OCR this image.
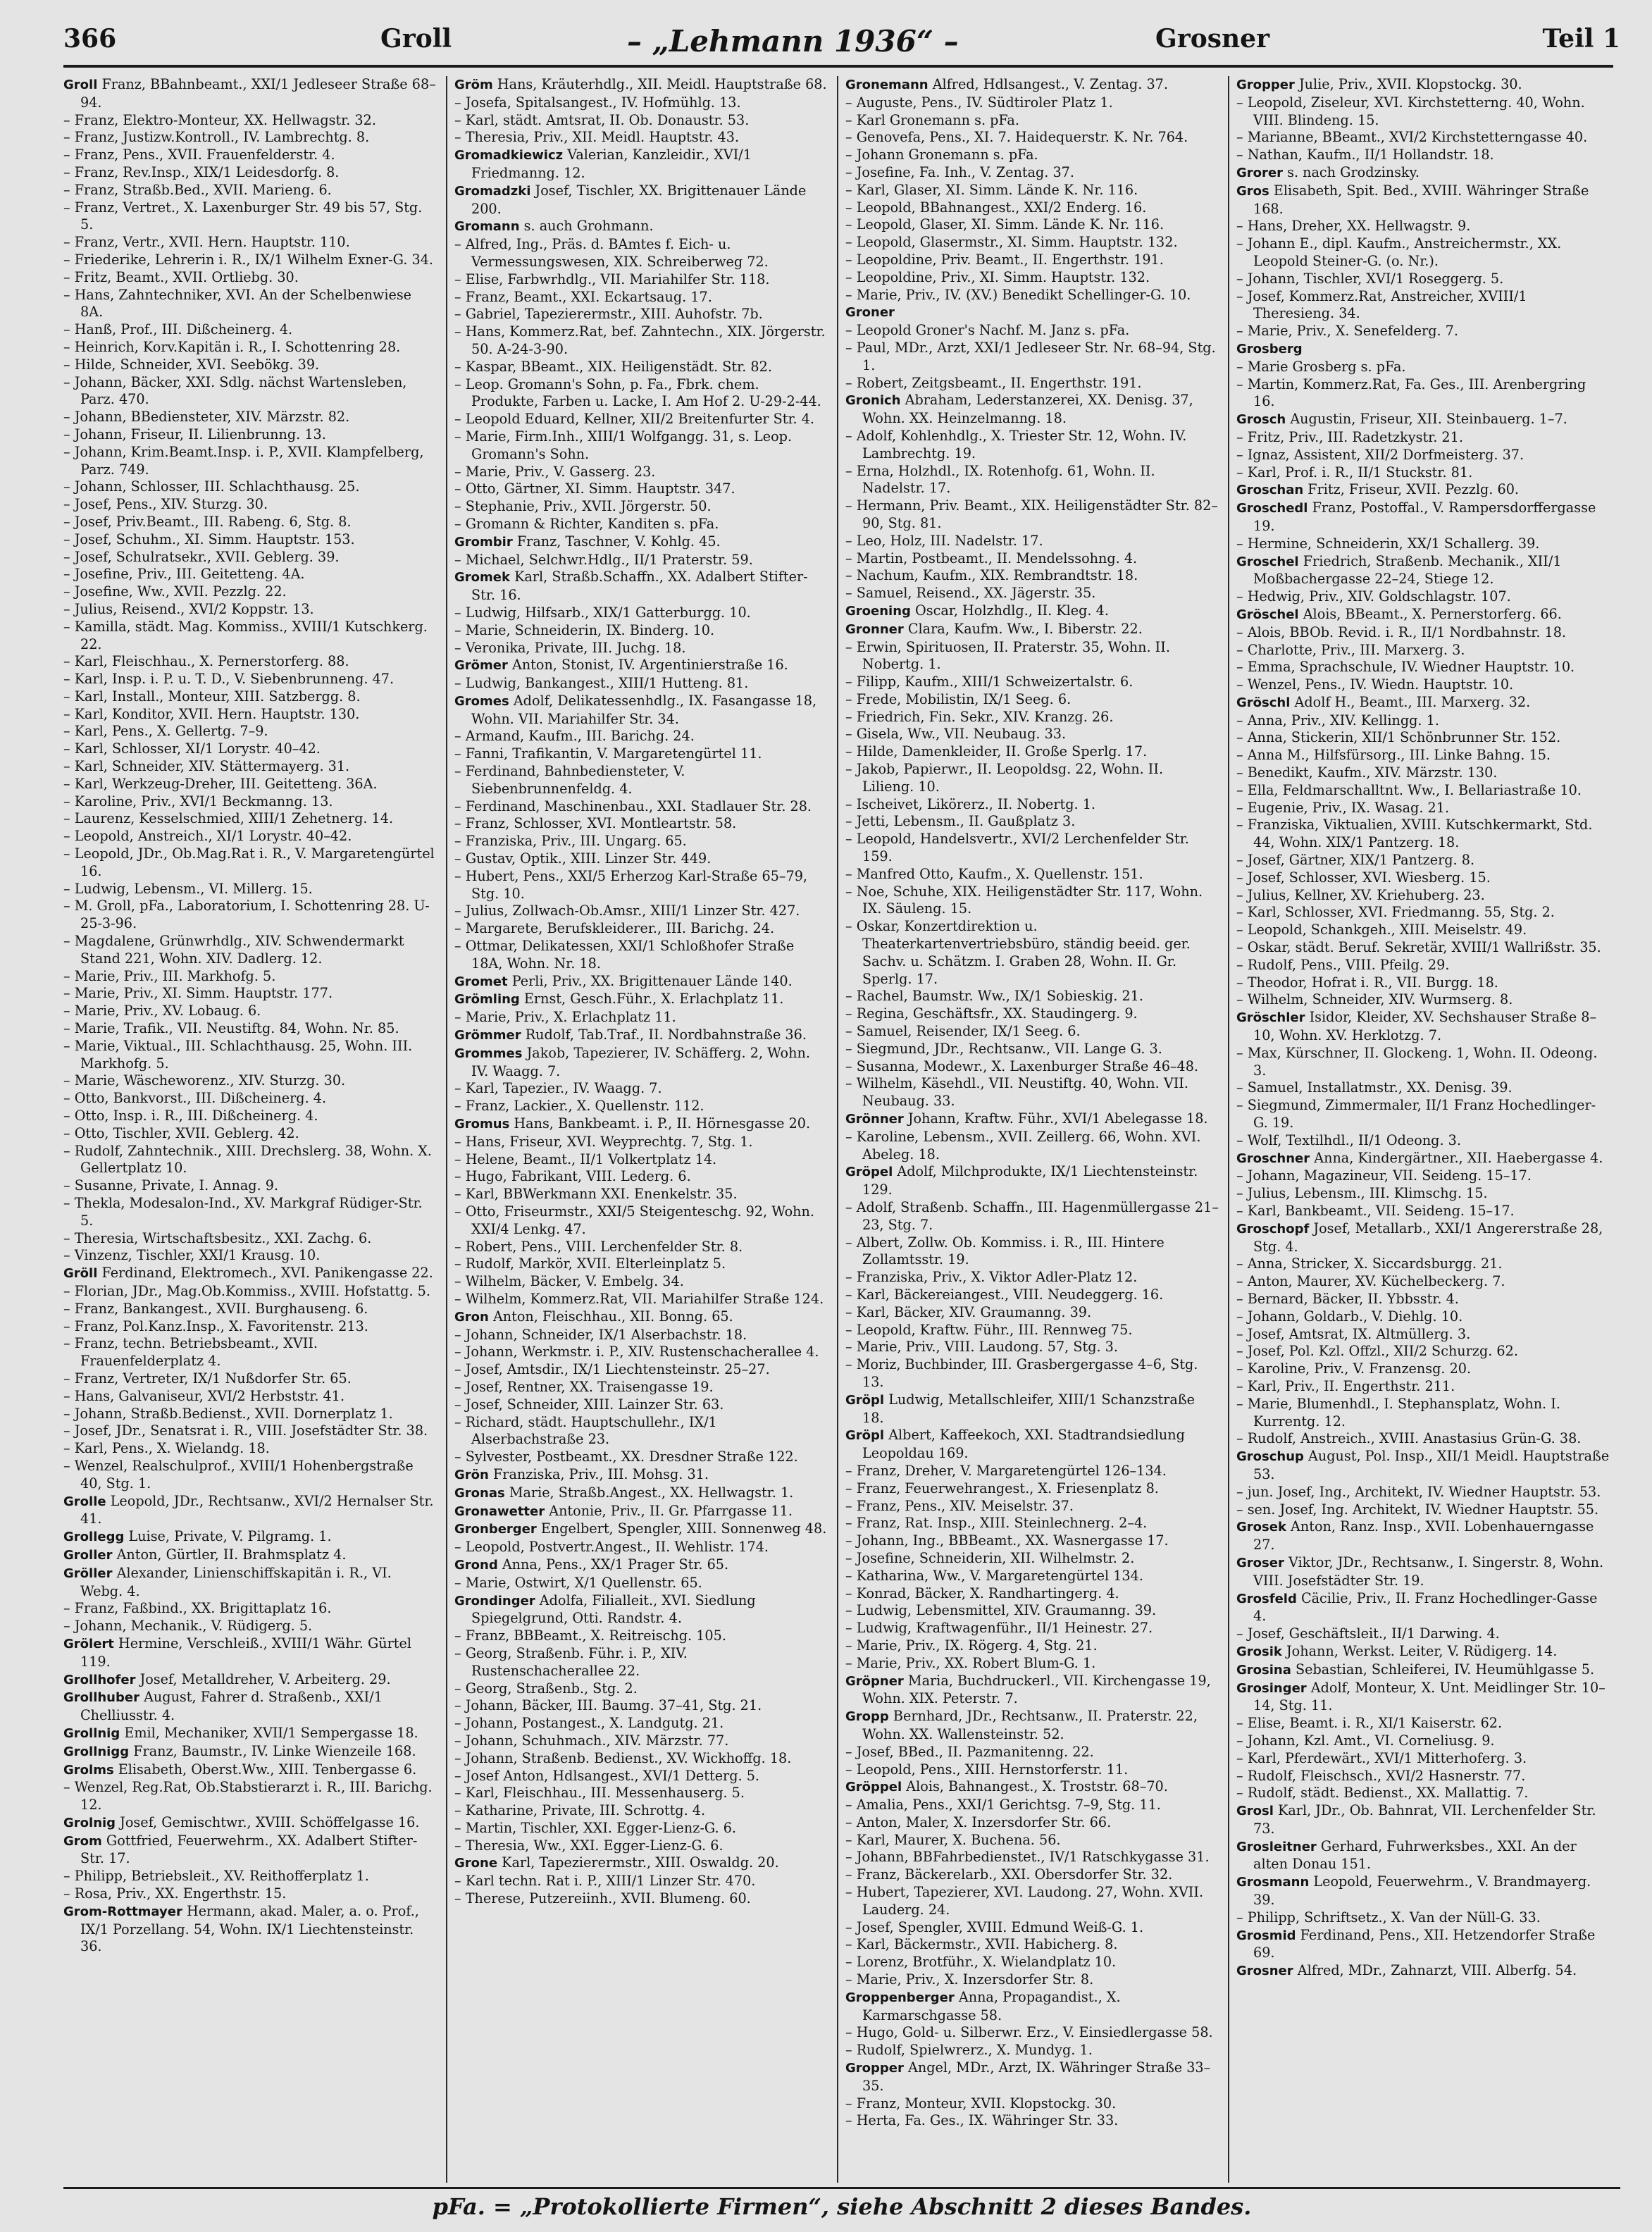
366	Groll	– „Lehmann 1936“ –	Grosner	Teil 1

Groll Franz, BBahnbeamt., XXI/1 Jedleseer Straße 68–94.

– Franz, Elektro-Monteur, XX. Hellwagstr. 32.

– Franz, Justizw.Kontroll., IV. Lambrechtg. 8.

– Franz, Pens., XVII. Frauenfelderstr. 4.

– Franz, Rev.Insp., XIX/1 Leidesdorfg. 8.

– Franz, Straßb.Bed., XVII. Marieng. 6.

– Franz, Vertret., X. Laxenburger Str. 49 bis 57, Stg. 5.

– Franz, Vertr., XVII. Hern. Hauptstr. 110.

– Friederike, Lehrerin i. R., IX/1 Wilhelm Exner-G. 34.

– Fritz, Beamt., XVII. Ortliebg. 30.

– Hans, Zahntechniker, XVI. An der Schelbenwiese 8A.

– Hanß, Prof., III. Dißcheinerg. 4.

– Heinrich, Korv.Kapitän i. R., I. Schottenring 28.

– Hilde, Schneider, XVI. Seebökg. 39.

– Johann, Bäcker, XXI. Sdlg. nächst Wartensleben, Parz. 470.

– Johann, BBediensteter, XIV. Märzstr. 82.

– Johann, Friseur, II. Lilienbrunng. 13.

– Johann, Krim.Beamt.Insp. i. P., XVII. Klampfelberg, Parz. 749.

– Johann, Schlosser, III. Schlachthausg. 25.

– Josef, Pens., XIV. Sturzg. 30.

– Josef, Priv.Beamt., III. Rabeng. 6, Stg. 8.

– Josef, Schuhm., XI. Simm. Hauptstr. 153.

– Josef, Schulratsekr., XVII. Geblerg. 39.

– Josefine, Priv., III. Geitetteng. 4A.

– Josefine, Ww., XVII. Pezzlg. 22.

– Julius, Reisend., XVI/2 Koppstr. 13.

– Kamilla, städt. Mag. Kommiss., XVIII/1 Kutschkerg. 22.

– Karl, Fleischhau., X. Pernerstorferg. 88.

– Karl, Insp. i. P. u. T. D., V. Siebenbrunneng. 47.

– Karl, Install., Monteur, XIII. Satzbergg. 8.

– Karl, Konditor, XVII. Hern. Hauptstr. 130.

– Karl, Pens., X. Gellertg. 7–9.

– Karl, Schlosser, XI/1 Lorystr. 40–42.

– Karl, Schneider, XIV. Stättermayerg. 31.

– Karl, Werkzeug-Dreher, III. Geitetteng. 36A.

– Karoline, Priv., XVI/1 Beckmanng. 13.

– Laurenz, Kesselschmied, XIII/1 Zehetnerg. 14.

– Leopold, Anstreich., XI/1 Lorystr. 40–42.

– Leopold, JDr., Ob.Mag.Rat i. R., V. Margaretengürtel 16.

– Ludwig, Lebensm., VI. Millerg. 15.

– M. Groll, pFa., Laboratorium, I. Schottenring 28. U-25-3-96.

– Magdalene, Grünwrhdlg., XIV. Schwendermarkt Stand 221, Wohn. XIV. Dadlerg. 12.

– Marie, Priv., III. Markhofg. 5.

– Marie, Priv., XI. Simm. Hauptstr. 177.

– Marie, Priv., XV. Lobaug. 6.

– Marie, Trafik., VII. Neustiftg. 84, Wohn. Nr. 85.

– Marie, Viktual., III. Schlachthausg. 25, Wohn. III. Markhofg. 5.

– Marie, Wäscheworenz., XIV. Sturzg. 30.

– Otto, Bankvorst., III. Dißcheinerg. 4.

– Otto, Insp. i. R., III. Dißcheinerg. 4.

– Otto, Tischler, XVII. Geblerg. 42.

– Rudolf, Zahntechnik., XIII. Drechslerg. 38, Wohn. X. Gellertplatz 10.

– Susanne, Private, I. Annag. 9.

– Thekla, Modesalon-Ind., XV. Markgraf Rüdiger-Str. 5.

– Theresia, Wirtschaftsbesitz., XXI. Zachg. 6.

– Vinzenz, Tischler, XXI/1 Krausg. 10.

Gröll Ferdinand, Elektromech., XVI. Panikengasse 22.

– Florian, JDr., Mag.Ob.Kommiss., XVIII. Hofstattg. 5.

– Franz, Bankangest., XVII. Burghauseng. 6.

– Franz, Pol.Kanz.Insp., X. Favoritenstr. 213.

– Franz, techn. Betriebsbeamt., XVII. Frauenfelderplatz 4.

– Franz, Vertreter, IX/1 Nußdorfer Str. 65.

– Hans, Galvaniseur, XVI/2 Herbststr. 41.

– Johann, Straßb.Bedienst., XVII. Dornerplatz 1.

– Josef, JDr., Senatsrat i. R., VIII. Josefstädter Str. 38.

– Karl, Pens., X. Wielandg. 18.

– Wenzel, Realschulprof., XVIII/1 Hohenbergstraße 40, Stg. 1.

Grolle Leopold, JDr., Rechtsanw., XVI/2 Hernalser Str. 41.

Grollegg Luise, Private, V. Pilgramg. 1.

Groller Anton, Gürtler, II. Brahmsplatz 4.

Gröller Alexander, Linienschiffskapitän i. R., VI. Webg. 4.

– Franz, Faßbind., XX. Brigittaplatz 16.

– Johann, Mechanik., V. Rüdigerg. 5.

Grölert Hermine, Verschleiß., XVIII/1 Währ. Gürtel 119.

Grollhofer Josef, Metalldreher, V. Arbeiterg. 29.

Grollhuber August, Fahrer d. Straßenb., XXI/1 Chelliusstr. 4.

Grollnig Emil, Mechaniker, XVII/1 Sempergasse 18.

Grollnigg Franz, Baumstr., IV. Linke Wienzeile 168.

Grolms Elisabeth, Oberst.Ww., XIII. Tenbergasse 6.

– Wenzel, Reg.Rat, Ob.Stabstierarzt i. R., III. Barichg. 12.

Grolnig Josef, Gemischtwr., XVIII. Schöffelgasse 16.

Grom Gottfried, Feuerwehrm., XX. Adalbert Stifter-Str. 17.

– Philipp, Betriebsleit., XV. Reithofferplatz 1.

– Rosa, Priv., XX. Engerthstr. 15.

Grom-Rottmayer Hermann, akad. Maler, a. o. Prof., IX/1 Porzellang. 54, Wohn. IX/1 Liechtensteinstr. 36.

Gröm Hans, Kräuterhdlg., XII. Meidl. Hauptstraße 68.

– Josefa, Spitalsangest., IV. Hofmühlg. 13.

– Karl, städt. Amtsrat, II. Ob. Donaustr. 53.

– Theresia, Priv., XII. Meidl. Hauptstr. 43.

Gromadkiewicz Valerian, Kanzleidir., XVI/1 Friedmanng. 12.

Gromadzki Josef, Tischler, XX. Brigittenauer Lände 200.

Gromann s. auch Grohmann.

– Alfred, Ing., Präs. d. BAmtes f. Eich- u. Vermessungswesen, XIX. Schreiberweg 72.

– Elise, Farbwrhdlg., VII. Mariahilfer Str. 118.

– Franz, Beamt., XXI. Eckartsaug. 17.

– Gabriel, Tapezierermstr., XIII. Auhofstr. 7b.

– Hans, Kommerz.Rat, bef. Zahntechn., XIX. Jörgerstr. 50. A-24-3-90.

– Kaspar, BBeamt., XIX. Heiligenstädt. Str. 82.

– Leop. Gromann's Sohn, p. Fa., Fbrk. chem. Produkte, Farben u. Lacke, I. Am Hof 2. U-29-2-44.

– Leopold Eduard, Kellner, XII/2 Breitenfurter Str. 4.

– Marie, Firm.Inh., XIII/1 Wolfgangg. 31, s. Leop. Gromann's Sohn.

– Marie, Priv., V. Gasserg. 23.

– Otto, Gärtner, XI. Simm. Hauptstr. 347.

– Stephanie, Priv., XVII. Jörgerstr. 50.

– Gromann & Richter, Kanditen s. pFa.

Grombir Franz, Taschner, V. Kohlg. 45.

– Michael, Selchwr.Hdlg., II/1 Praterstr. 59.

Gromek Karl, Straßb.Schaffn., XX. Adalbert Stifter-Str. 16.

– Ludwig, Hilfsarb., XIX/1 Gatterburgg. 10.

– Marie, Schneiderin, IX. Binderg. 10.

– Veronika, Private, III. Juchg. 18.

Grömer Anton, Stonist, IV. Argentinierstraße 16.

– Ludwig, Bankangest., XIII/1 Hutteng. 81.

Gromes Adolf, Delikatessenhdlg., IX. Fasangasse 18, Wohn. VII. Mariahilfer Str. 34.

– Armand, Kaufm., III. Barichg. 24.

– Fanni, Trafikantin, V. Margaretengürtel 11.

– Ferdinand, Bahnbediensteter, V. Siebenbrunnenfeldg. 4.

– Ferdinand, Maschinenbau., XXI. Stadlauer Str. 28.

– Franz, Schlosser, XVI. Montleartstr. 58.

– Franziska, Priv., III. Ungarg. 65.

– Gustav, Optik., XIII. Linzer Str. 449.

– Hubert, Pens., XXI/5 Erherzog Karl-Straße 65–79, Stg. 10.

– Julius, Zollwach-Ob.Amsr., XIII/1 Linzer Str. 427.

– Margarete, Berufskleiderer., III. Barichg. 24.

– Ottmar, Delikatessen, XXI/1 Schloßhofer Straße 18A, Wohn. Nr. 18.

Gromet Perli, Priv., XX. Brigittenauer Lände 140.

Grömling Ernst, Gesch.Führ., X. Erlachplatz 11.

– Marie, Priv., X. Erlachplatz 11.

Grömmer Rudolf, Tab.Traf., II. Nordbahnstraße 36.

Grommes Jakob, Tapezierer, IV. Schäfferg. 2, Wohn. IV. Waagg. 7.

– Karl, Tapezier., IV. Waagg. 7.

– Franz, Lackier., X. Quellenstr. 112.

Gromus Hans, Bankbeamt. i. P., II. Hörnesgasse 20.

– Hans, Friseur, XVI. Weyprechtg. 7, Stg. 1.

– Helene, Beamt., II/1 Volkertplatz 14.

– Hugo, Fabrikant, VIII. Lederg. 6.

– Karl, BBWerkmann XXI. Enenkelstr. 35.

– Otto, Friseurmstr., XXI/5 Steigenteschg. 92, Wohn. XXI/4 Lenkg. 47.

– Robert, Pens., VIII. Lerchenfelder Str. 8.

– Rudolf, Markör, XVII. Elterleinplatz 5.

– Wilhelm, Bäcker, V. Embelg. 34.

– Wilhelm, Kommerz.Rat, VII. Mariahilfer Straße 124.

Gron Anton, Fleischhau., XII. Bonng. 65.

– Johann, Schneider, IX/1 Alserbachstr. 18.

– Johann, Werkmstr. i. P., XIV. Rustenschacherallee 4.

– Josef, Amtsdir., IX/1 Liechtensteinstr. 25–27.

– Josef, Rentner, XX. Traisengasse 19.

– Josef, Schneider, XIII. Lainzer Str. 63.

– Richard, städt. Hauptschullehr., IX/1 Alserbachstraße 23.

– Sylvester, Postbeamt., XX. Dresdner Straße 122.

Grön Franziska, Priv., III. Mohsg. 31.

Gronas Marie, Straßb.Angest., XX. Hellwagstr. 1.

Gronawetter Antonie, Priv., II. Gr. Pfarrgasse 11.

Gronberger Engelbert, Spengler, XIII. Sonnenweg 48.

– Leopold, Postvertr.Angest., II. Wehlistr. 174.

Grond Anna, Pens., XX/1 Prager Str. 65.

– Marie, Ostwirt, X/1 Quellenstr. 65.

Grondinger Adolfa, Filialleit., XVI. Siedlung Spiegelgrund, Otti. Randstr. 4.

– Franz, BBBeamt., X. Reitreischg. 105.

– Georg, Straßenb. Führ. i. P., XIV. Rustenschacherallee 22.

– Georg, Straßenb., Stg. 2.

– Johann, Bäcker, III. Baumg. 37–41, Stg. 21.

– Johann, Postangest., X. Landgutg. 21.

– Johann, Schuhmach., XIV. Märzstr. 77.

– Johann, Straßenb. Bedienst., XV. Wickhoffg. 18.

– Josef Anton, Hdlsangest., XVI/1 Detterg. 5.

– Karl, Fleischhau., III. Messenhauserg. 5.

– Katharine, Private, III. Schrottg. 4.

– Martin, Tischler, XXI. Egger-Lienz-G. 6.

– Theresia, Ww., XXI. Egger-Lienz-G. 6.

Grone Karl, Tapezierermstr., XIII. Oswaldg. 20.

– Karl techn. Rat i. P., XIII/1 Linzer Str. 470.

– Therese, Putzereiinh., XVII. Blumeng. 60.

Gronemann Alfred, Hdlsangest., V. Zentag. 37.

– Auguste, Pens., IV. Südtiroler Platz 1.

– Karl Gronemann s. pFa.

– Genovefa, Pens., XI. 7. Haidequerstr. K. Nr. 764.

– Johann Gronemann s. pFa.

– Josefine, Fa. Inh., V. Zentag. 37.

– Karl, Glaser, XI. Simm. Lände K. Nr. 116.

– Leopold, BBahnangest., XXI/2 Enderg. 16.

– Leopold, Glaser, XI. Simm. Lände K. Nr. 116.

– Leopold, Glasermstr., XI. Simm. Hauptstr. 132.

– Leopoldine, Priv. Beamt., II. Engerthstr. 191.

– Leopoldine, Priv., XI. Simm. Hauptstr. 132.

– Marie, Priv., IV. (XV.) Benedikt Schellinger-G. 10.

Groner

– Leopold Groner's Nachf. M. Janz s. pFa.

– Paul, MDr., Arzt, XXI/1 Jedleseer Str. Nr. 68–94, Stg. 1.

– Robert, Zeitgsbeamt., II. Engerthstr. 191.

Gronich Abraham, Lederstanzerei, XX. Denisg. 37, Wohn. XX. Heinzelmanng. 18.

– Adolf, Kohlenhdlg., X. Triester Str. 12, Wohn. IV. Lambrechtg. 19.

– Erna, Holzhdl., IX. Rotenhofg. 61, Wohn. II. Nadelstr. 17.

– Hermann, Priv. Beamt., XIX. Heiligenstädter Str. 82–90, Stg. 81.

– Leo, Holz, III. Nadelstr. 17.

– Martin, Postbeamt., II. Mendelssohng. 4.

– Nachum, Kaufm., XIX. Rembrandtstr. 18.

– Samuel, Reisend., XX. Jägerstr. 35.

Groening Oscar, Holzhdlg., II. Kleg. 4.

Gronner Clara, Kaufm. Ww., I. Biberstr. 22.

– Erwin, Spirituosen, II. Praterstr. 35, Wohn. II. Nobertg. 1.

– Filipp, Kaufm., XIII/1 Schweizertalstr. 6.

– Frede, Mobilistin, IX/1 Seeg. 6.

– Friedrich, Fin. Sekr., XIV. Kranzg. 26.

– Gisela, Ww., VII. Neubaug. 33.

– Hilde, Damenkleider, II. Große Sperlg. 17.

– Jakob, Papierwr., II. Leopoldsg. 22, Wohn. II. Lilieng. 10.

– Ischeivet, Likörerz., II. Nobertg. 1.

– Jetti, Lebensm., II. Gaußplatz 3.

– Leopold, Handelsvertr., XVI/2 Lerchenfelder Str. 159.

– Manfred Otto, Kaufm., X. Quellenstr. 151.

– Noe, Schuhe, XIX. Heiligenstädter Str. 117, Wohn. IX. Säuleng. 15.

– Oskar, Konzertdirektion u. Theaterkartenvertriebsbüro, ständig beeid. ger. Sachv. u. Schätzm. I. Graben 28, Wohn. II. Gr. Sperlg. 17.

– Rachel, Baumstr. Ww., IX/1 Sobieskig. 21.

– Regina, Geschäftsfr., XX. Staudingerg. 9.

– Samuel, Reisender, IX/1 Seeg. 6.

– Siegmund, JDr., Rechtsanw., VII. Lange G. 3.

– Susanna, Modewr., X. Laxenburger Straße 46–48.

– Wilhelm, Käsehdl., VII. Neustiftg. 40, Wohn. VII. Neubaug. 33.

Grönner Johann, Kraftw. Führ., XVI/1 Abelegasse 18.

– Karoline, Lebensm., XVII. Zeillerg. 66, Wohn. XVI. Abeleg. 18.

Gröpel Adolf, Milchprodukte, IX/1 Liechtensteinstr. 129.

– Adolf, Straßenb. Schaffn., III. Hagenmüllergasse 21–23, Stg. 7.

– Albert, Zollw. Ob. Kommiss. i. R., III. Hintere Zollamtsstr. 19.

– Franziska, Priv., X. Viktor Adler-Platz 12.

– Karl, Bäckereiangest., VIII. Neudeggerg. 16.

– Karl, Bäcker, XIV. Graumanng. 39.

– Leopold, Kraftw. Führ., III. Rennweg 75.

– Marie, Priv., VIII. Laudong. 57, Stg. 3.

– Moriz, Buchbinder, III. Grasbergergasse 4–6, Stg. 13.

Gröpl Ludwig, Metallschleifer, XIII/1 Schanzstraße 18.

Gröpl Albert, Kaffeekoch, XXI. Stadtrandsiedlung Leopoldau 169.

– Franz, Dreher, V. Margaretengürtel 126–134.

– Franz, Feuerwehrangest., X. Friesenplatz 8.

– Franz, Pens., XIV. Meiselstr. 37.

– Franz, Rat. Insp., XIII. Steinlechnerg. 2–4.

– Johann, Ing., BBBeamt., XX. Wasnergasse 17.

– Josefine, Schneiderin, XII. Wilhelmstr. 2.

– Katharina, Ww., V. Margaretengürtel 134.

– Konrad, Bäcker, X. Randhartingerg. 4.

– Ludwig, Lebensmittel, XIV. Graumanng. 39.

– Ludwig, Kraftwagenführ., II/1 Heinestr. 27.

– Marie, Priv., IX. Rögerg. 4, Stg. 21.

– Marie, Priv., XX. Robert Blum-G. 1.

Gröpner Maria, Buchdruckerl., VII. Kirchengasse 19, Wohn. XIX. Peterstr. 7.

Gropp Bernhard, JDr., Rechtsanw., II. Praterstr. 22, Wohn. XX. Wallensteinstr. 52.

– Josef, BBed., II. Pazmanitenng. 22.

– Leopold, Pens., XIII. Hernstorferstr. 11.

Gröppel Alois, Bahnangest., X. Troststr. 68–70.

– Amalia, Pens., XXI/1 Gerichtsg. 7–9, Stg. 11.

– Anton, Maler, X. Inzersdorfer Str. 66.

– Karl, Maurer, X. Buchena. 56.

– Johann, BBFahrbedienstet., IV/1 Ratschkygasse 31.

– Franz, Bäckerelarb., XXI. Obersdorfer Str. 32.

– Hubert, Tapezierer, XVI. Laudong. 27, Wohn. XVII. Lauderg. 24.

– Josef, Spengler, XVIII. Edmund Weiß-G. 1.

– Karl, Bäckermstr., XVII. Habicherg. 8.

– Lorenz, Brotführ., X. Wielandplatz 10.

– Marie, Priv., X. Inzersdorfer Str. 8.

Groppenberger Anna, Propagandist., X. Karmarschgasse 58.

– Hugo, Gold- u. Silberwr. Erz., V. Einsiedlergasse 58.

– Rudolf, Spielwrerz., X. Mundyg. 1.

Gropper Angel, MDr., Arzt, IX. Währinger Straße 33–35.

– Franz, Monteur, XVII. Klopstockg. 30.

– Herta, Fa. Ges., IX. Währinger Str. 33.

Gropper Julie, Priv., XVII. Klopstockg. 30.

– Leopold, Ziseleur, XVI. Kirchstetterng. 40, Wohn. VIII. Blindeng. 15.

– Marianne, BBeamt., XVI/2 Kirchstetterngasse 40.

– Nathan, Kaufm., II/1 Hollandstr. 18.

Grorer s. nach Grodzinsky.

Gros Elisabeth, Spit. Bed., XVIII. Währinger Straße 168.

– Hans, Dreher, XX. Hellwagstr. 9.

– Johann E., dipl. Kaufm., Anstreichermstr., XX. Leopold Steiner-G. (o. Nr.).

– Johann, Tischler, XVI/1 Roseggerg. 5.

– Josef, Kommerz.Rat, Anstreicher, XVIII/1 Theresieng. 34.

– Marie, Priv., X. Senefelderg. 7.

Grosberg

– Marie Grosberg s. pFa.

– Martin, Kommerz.Rat, Fa. Ges., III. Arenbergring 16.

Grosch Augustin, Friseur, XII. Steinbauerg. 1–7.

– Fritz, Priv., III. Radetzkystr. 21.

– Ignaz, Assistent, XII/2 Dorfmeisterg. 37.

– Karl, Prof. i. R., II/1 Stuckstr. 81.

Groschan Fritz, Friseur, XVII. Pezzlg. 60.

Groschedl Franz, Postoffal., V. Rampersdorffergasse 19.

– Hermine, Schneiderin, XX/1 Schallerg. 39.

Groschel Friedrich, Straßenb. Mechanik., XII/1 Moßbachergasse 22–24, Stiege 12.

– Hedwig, Priv., XIV. Goldschlagstr. 107.

Gröschel Alois, BBeamt., X. Pernerstorferg. 66.

– Alois, BBOb. Revid. i. R., II/1 Nordbahnstr. 18.

– Charlotte, Priv., III. Marxerg. 3.

– Emma, Sprachschule, IV. Wiedner Hauptstr. 10.

– Wenzel, Pens., IV. Wiedn. Hauptstr. 10.

Gröschl Adolf H., Beamt., III. Marxerg. 32.

– Anna, Priv., XIV. Kellingg. 1.

– Anna, Stickerin, XII/1 Schönbrunner Str. 152.

– Anna M., Hilfsfürsorg., III. Linke Bahng. 15.

– Benedikt, Kaufm., XIV. Märzstr. 130.

– Ella, Feldmarschalltnt. Ww., I. Bellariastraße 10.

– Eugenie, Priv., IX. Wasag. 21.

– Franziska, Viktualien, XVIII. Kutschkermarkt, Std. 44, Wohn. XIX/1 Pantzerg. 18.

– Josef, Gärtner, XIX/1 Pantzerg. 8.

– Josef, Schlosser, XVI. Wiesberg. 15.

– Julius, Kellner, XV. Kriehuberg. 23.

– Karl, Schlosser, XVI. Friedmanng. 55, Stg. 2.

– Leopold, Schankgeh., XIII. Meiselstr. 49.

– Oskar, städt. Beruf. Sekretär, XVIII/1 Wallrißstr. 35.

– Rudolf, Pens., VIII. Pfeilg. 29.

– Theodor, Hofrat i. R., VII. Burgg. 18.

– Wilhelm, Schneider, XIV. Wurmserg. 8.

Gröschler Isidor, Kleider, XV. Sechshauser Straße 8–10, Wohn. XV. Herklotzg. 7.

– Max, Kürschner, II. Glockeng. 1, Wohn. II. Odeong. 3.

– Samuel, Installatmstr., XX. Denisg. 39.

– Siegmund, Zimmermaler, II/1 Franz Hochedlinger-G. 19.

– Wolf, Textilhdl., II/1 Odeong. 3.

Groschner Anna, Kindergärtner., XII. Haebergasse 4.

– Johann, Magazineur, VII. Seideng. 15–17.

– Julius, Lebensm., III. Klimschg. 15.

– Karl, Bankbeamt., VII. Seideng. 15–17.

Groschopf Josef, Metallarb., XXI/1 Angererstraße 28, Stg. 4.

– Anna, Stricker, X. Siccardsburgg. 21.

– Anton, Maurer, XV. Küchelbeckerg. 7.

– Bernard, Bäcker, II. Ybbsstr. 4.

– Johann, Goldarb., V. Diehlg. 10.

– Josef, Amtsrat, IX. Altmüllerg. 3.

– Josef, Pol. Kzl. Offzl., XII/2 Schurzg. 62.

– Karoline, Priv., V. Franzensg. 20.

– Karl, Priv., II. Engerthstr. 211.

– Marie, Blumenhdl., I. Stephansplatz, Wohn. I. Kurrentg. 12.

– Rudolf, Anstreich., XVIII. Anastasius Grün-G. 38.

Groschup August, Pol. Insp., XII/1 Meidl. Hauptstraße 53.

– jun. Josef, Ing., Architekt, IV. Wiedner Hauptstr. 53.

– sen. Josef, Ing. Architekt, IV. Wiedner Hauptstr. 55.

Grosek Anton, Ranz. Insp., XVII. Lobenhauerngasse 27.

Groser Viktor, JDr., Rechtsanw., I. Singerstr. 8, Wohn. VIII. Josefstädter Str. 19.

Grosfeld Cäcilie, Priv., II. Franz Hochedlinger-Gasse 4.

– Josef, Geschäftsleit., II/1 Darwing. 4.

Grosik Johann, Werkst. Leiter, V. Rüdigerg. 14.

Grosina Sebastian, Schleiferei, IV. Heumühlgasse 5.

Grosinger Adolf, Monteur, X. Unt. Meidlinger Str. 10–14, Stg. 11.

– Elise, Beamt. i. R., XI/1 Kaiserstr. 62.

– Johann, Kzl. Amt., VI. Corneliusg. 9.

– Karl, Pferdewärt., XVI/1 Mitterhoferg. 3.

– Rudolf, Fleischsch., XVI/2 Hasnerstr. 77.

– Rudolf, städt. Bedienst., XX. Mallattig. 7.

Grosl Karl, JDr., Ob. Bahnrat, VII. Lerchenfelder Str. 73.

Grosleitner Gerhard, Fuhrwerksbes., XXI. An der alten Donau 151.

Grosmann Leopold, Feuerwehrm., V. Brandmayerg. 39.

– Philipp, Schriftsetz., X. Van der Nüll-G. 33.

Grosmid Ferdinand, Pens., XII. Hetzendorfer Straße 69.

Grosner Alfred, MDr., Zahnarzt, VIII. Alberfg. 54.

pFa. = „Protokollierte Firmen“, siehe Abschnitt 2 dieses Bandes.
